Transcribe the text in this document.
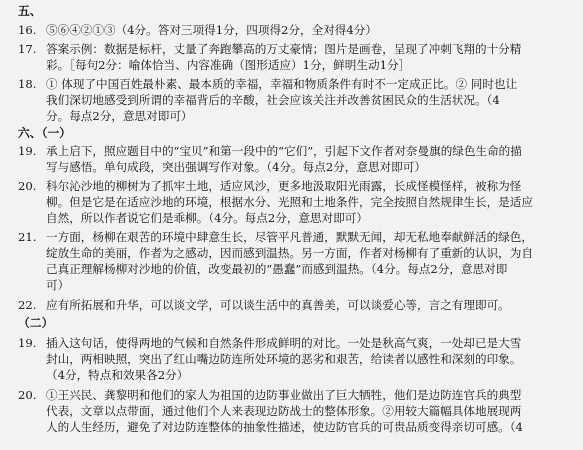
五、
16. ⑤⑥④②①③（4分。答对三项得1分，四项得2分，全对得4分）
17. 答案示例：数据是标杆，丈量了奔跑攀高的万丈豪情；图片是画卷，呈现了冲刺飞翔的十分精
彩。［每句2分：喻体恰当、内容准确（图形适应）1分，鲜明生动1分］
18. ① 体现了中国百姓最朴素、最本质的幸福，幸福和物质条件有时不一定成正比。② 同时也让
我们深切地感受到所谓的幸福背后的辛酸，社会应该关注并改善贫困民众的生活状况。（4
分。每点2分，意思对即可）
六、（一）
19. 承上启下，照应题目中的“宝贝”和第一段中的“它们”，引起下文作者对奈曼旗的绿色生命的描
写与感悟。单句成段，突出强调写作对象。（4分。每点2分，意思对即可）
20. 科尔沁沙地的柳树为了抓牢土地，适应风沙，更多地汲取阳光雨露，长成怪模怪样，被称为怪
柳。但是它是在适应沙地的环境，根据水分、光照和土地条件，完全按照自然规律生长，是适应
自然，所以作者说它们是乖柳。（4分。每点2分，意思对即可）
21. 一方面，杨柳在艰苦的环境中肆意生长，尽管平凡普通，默默无闻，却无私地奉献鲜活的绿色，
绽放生命的美丽，作者为之感动，因而感到温热。另一方面，作者对杨柳有了重新的认识，为自
己真正理解杨柳对沙地的价值，改变最初的“愚蠢”而感到温热。（4分。每点2分，意思对即
可）
22. 应有所拓展和升华，可以谈文学，可以谈生活中的真善美，可以谈爱心等，言之有理即可。
（二）
19. 插入这句话，使得两地的气候和自然条件形成鲜明的对比。一处是秋高气爽，一处却已是大雪
封山，两相映照，突出了红山嘴边防连所处环境的恶劣和艰苦，给读者以感性和深刻的印象。
（4分，特点和效果各2分）
20. ①王兴民、龚黎明和他们的家人为祖国的边防事业做出了巨大牺牲，他们是边防连官兵的典型
代表，文章以点带面，通过他们个人来表现边防战士的整体形象。②用较大篇幅具体地展现两
人的人生经历，避免了对边防连整体的抽象性描述，使边防官兵的可贵品质变得亲切可感。（4
